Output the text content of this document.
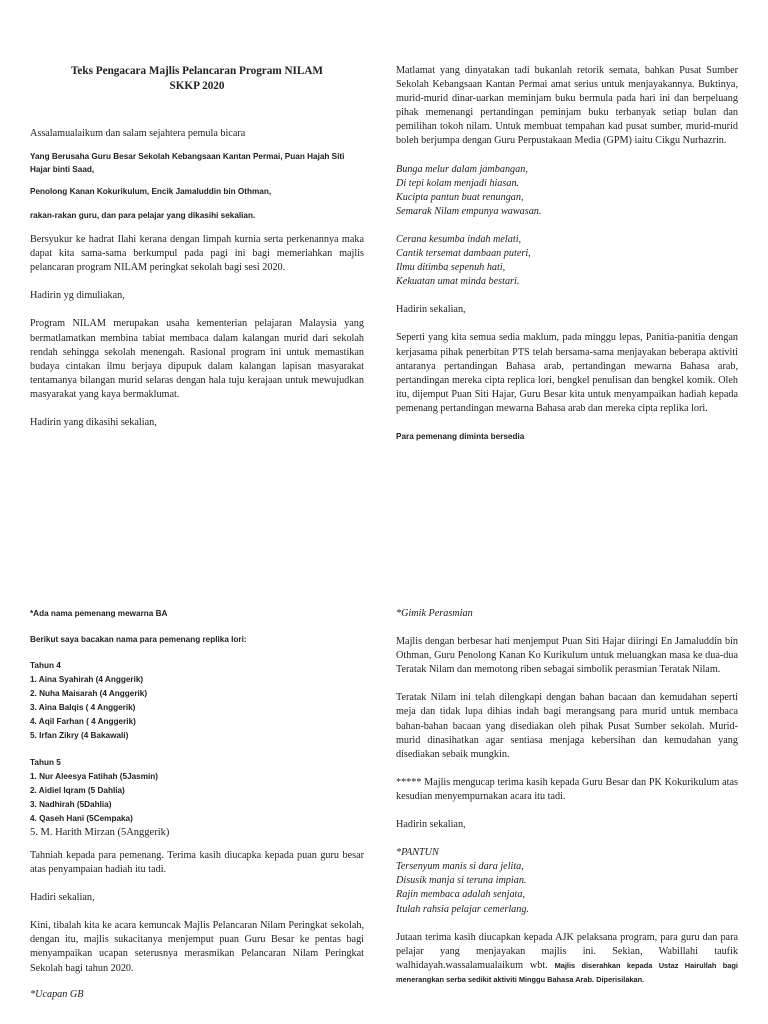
Teks Pengacara Majlis Pelancaran Program NILAM
SKKP 2020

Assalamualaikum dan salam sejahtera pemula bicara

Yang Berusaha Guru Besar Sekolah Kebangsaan Kantan Permai, Puan Hajah Siti Hajar binti Saad,

Penolong Kanan Kokurikulum, Encik Jamaluddin bin Othman,

rakan-rakan guru, dan para pelajar yang dikasihi sekalian.

Bersyukur ke hadrat Ilahi kerana dengan limpah kurnia serta perkenannya maka dapat kita sama-sama berkumpul pada pagi ini bagi memeriahkan majlis pelancaran program NILAM peringkat sekolah bagi sesi 2020.

Hadirin yg dimuliakan,

Program NILAM merupakan usaha kementerian pelajaran Malaysia yang bermatlamatkan membina tabiat membaca dalam kalangan murid dari sekolah rendah sehingga sekolah menengah. Rasional program ini untuk memastikan budaya cintakan ilmu berjaya dipupuk dalam kalangan lapisan masyarakat tentamanya bilangan murid selaras dengan hala tuju kerajaan untuk mewujudkan masyarakat yang kaya bermaklumat.

Hadirin yang dikasihi sekalian,

Matlamat yang dinyatakan tadi bukanlah retorik semata, bahkan Pusat Sumber Sekolah Kebangsaan Kantan Permai amat serius untuk menjayakannya. Buktinya, murid-murid dinar-uarkan meminjam buku bermula pada hari ini dan berpeluang pihak memenangi pertandingan peminjam buku terbanyak setiap bulan dan pemilihan tokoh nilam. Untuk membuat tempahan kad pusat sumber, murid-murid boleh berjumpa dengan Guru Perpustakaan Media (GPM) iaitu Cikgu Nurhazrin.

Bunga melur dalam jambangan,
Di tepi kolam menjadi hiasan.
Kucipta pantun buat renungan,
Semarak Nilam empunya wawasan.
Cerana kesumba indah melati,
Cantik tersemat dambaan puteri,
Ilmu ditimba sepenuh hati,
Kekuatan umat minda bestari.

Hadirin sekalian,

Seperti yang kita semua sedia maklum, pada minggu lepas, Panitia-panitia dengan kerjasama pihak penerbitan PTS telah bersama-sama menjayakan beberapa aktiviti antaranya pertandingan Bahasa arab, pertandingan mewarna Bahasa arab, pertandingan mereka cipta replica lori, bengkel penulisan dan bengkel komik. Oleh itu, dijemput Puan Siti Hajar, Guru Besar kita untuk menyampaikan hadiah kepada pemenang pertandingan mewarna Bahasa arab dan mereka cipta replika lori.

Para pemenang diminta bersedia

*Ada nama pemenang mewarna BA

Berikut saya bacakan nama para pemenang replika lori:

Tahun 4

1. Aina Syahirah (4 Anggerik)
2. Nuha Maisarah (4 Anggerik)
3. Aina Balqis ( 4 Anggerik)
4. Aqil Farhan ( 4 Anggerik)
5. Irfan Zikry (4 Bakawali)

Tahun 5

1. Nur Aleesya Fatihah (5Jasmin)
2. Aidiel Iqram (5 Dahlia)
3. Nadhirah (5Dahlia)
4. Qaseh Hani (5Cempaka)

5. M. Harith Mirzan (5Anggerik)

Tahniah kepada para pemenang. Terima kasih diucapka kepada puan guru besar atas penyampaian hadiah itu tadi.

Hadiri sekalian,

Kini, tibalah kita ke acara kemuncak Majlis Pelancaran Nilam Peringkat sekolah, dengan itu, majlis sukacitanya menjemput puan Guru Besar ke pentas bagi menyampaikan ucapan seterusnya merasmikan Pelancaran Nilam Peringkat Sekolah bagi tahun 2020.

*Ucapan GB

*Gimik Perasmian

Majlis dengan berbesar hati menjemput Puan Siti Hajar diiringi En Jamaluddin bin Othman, Guru Penolong Kanan Ko Kurikulum untuk meluangkan masa ke dua-dua Teratak Nilam dan memotong riben sebagai simbolik perasmian Teratak Nilam.

Teratak Nilam ini telah dilengkapi dengan bahan bacaan dan kemudahan seperti meja dan tidak lupa dihias indah bagi merangsang para murid untuk membaca bahan-bahan bacaan yang disediakan oleh pihak Pusat Sumber sekolah. Murid-murid dinasihatkan agar sentiasa menjaga kebersihan dan kemudahan yang disediakan sebaik mungkin.

***** Majlis mengucap terima kasih kepada Guru Besar dan PK Kokurikulum atas kesudian menyempurnakan acara itu tadi.

Hadirin sekalian,

*PANTUN
Tersenyum manis si dara jelita,
Disusik manja si teruna impian.
Rajin membaca adalah senjata,
Itulah rahsia pelajar cemerlang.

Jutaan terima kasih diucapkan kepada AJK pelaksana program, para guru dan para pelajar yang menjayakan majlis ini. Sekian, Wabillahi taufik walhidayah.wassalamualaikum wbt. Majlis diserahkan kepada Ustaz Hairullah bagi menerangkan serba sedikit aktiviti Minggu Bahasa Arab. Diperisilakan.
